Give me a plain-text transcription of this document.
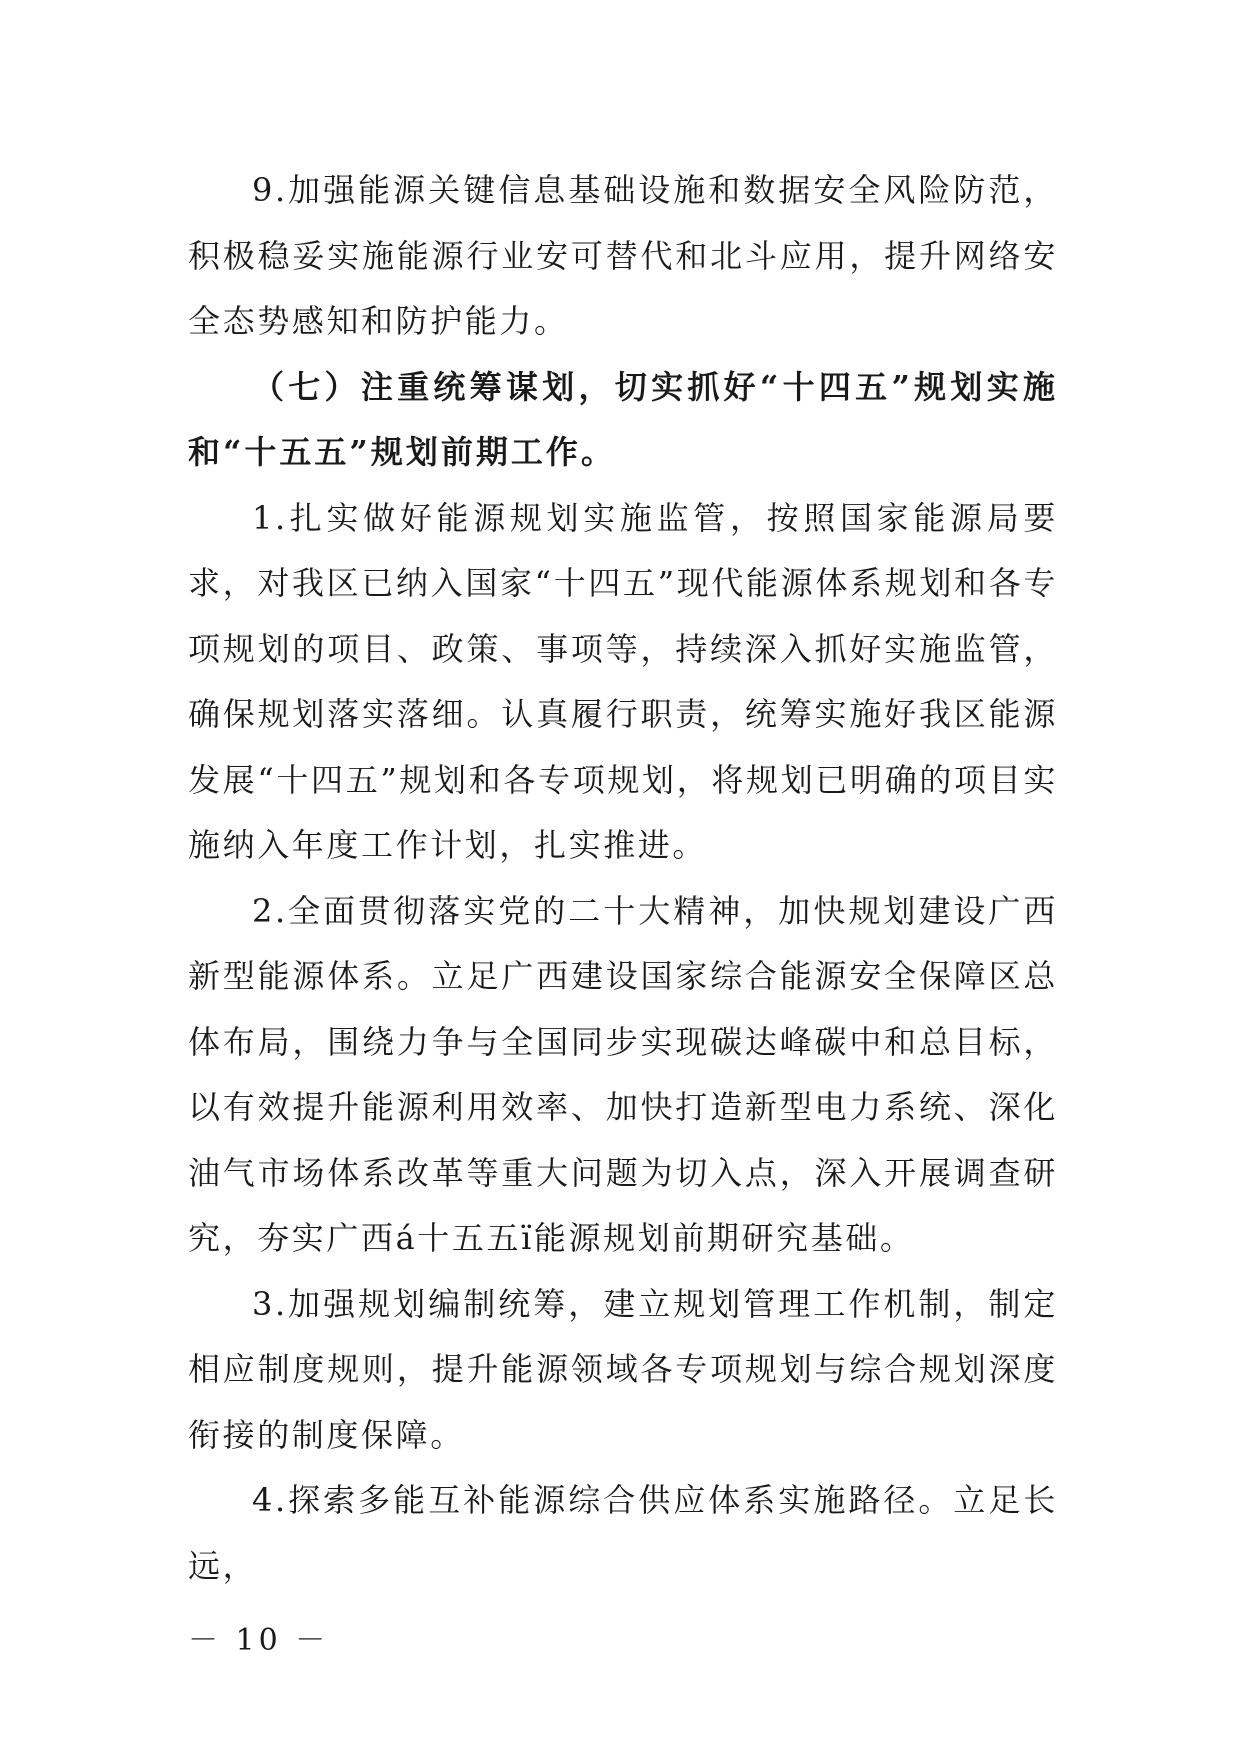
9.加强能源关键信息基础设施和数据安全风险防范，积极稳妥实施能源行业安可替代和北斗应用，提升网络安全态势感知和防护能力。

（七）注重统筹谋划，切实抓好“十四五”规划实施和“十五五”规划前期工作。

1.扎实做好能源规划实施监管，按照国家能源局要求，对我区已纳入国家“十四五”现代能源体系规划和各专项规划的项目、政策、事项等，持续深入抓好实施监管，确保规划落实落细。认真履行职责，统筹实施好我区能源发展“十四五”规划和各专项规划，将规划已明确的项目实施纳入年度工作计划，扎实推进。

2.全面贯彻落实党的二十大精神，加快规划建设广西新型能源体系。立足广西建设国家综合能源安全保障区总体布局，围绕力争与全国同步实现碳达峰碳中和总目标，以有效提升能源利用效率、加快打造新型电力系统、深化油气市场体系改革等重大问题为切入点，深入开展调查研究，夯实广西á十五五ï能源规划前期研究基础。

3.加强规划编制统筹，建立规划管理工作机制，制定相应制度规则，提升能源领域各专项规划与综合规划深度衔接的制度保障。

4.探索多能互补能源综合供应体系实施路径。立足长远，

－ 10 －
